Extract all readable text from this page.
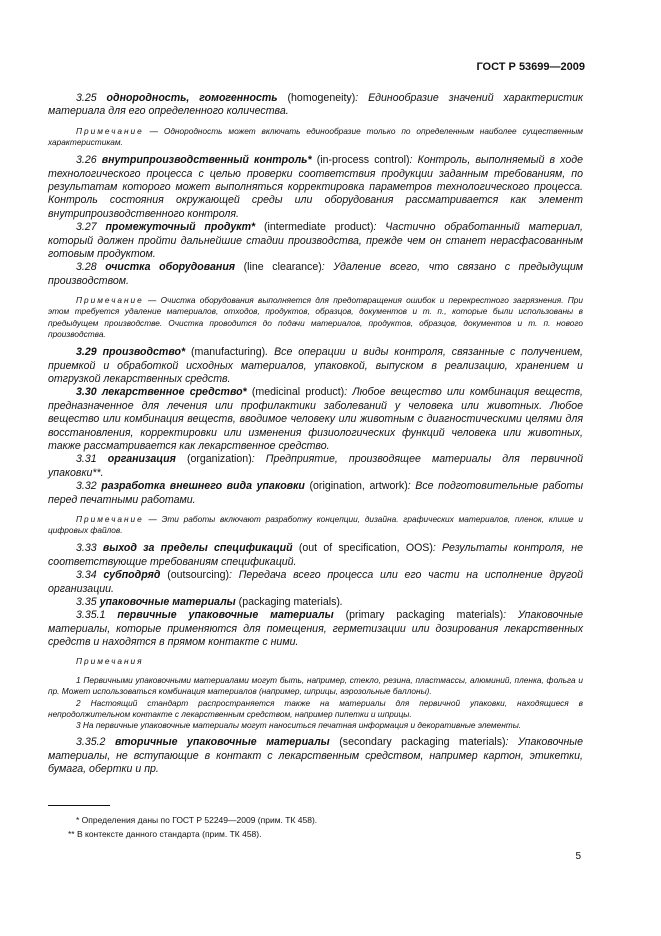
ГОСТ Р 53699—2009

3.25 однородность, гомогенность (homogeneity): Единообразие значений характеристик материала для его определенного количества.

Примечание — Однородность может включать единообразие только по определенным наиболее существенным характеристикам.

3.26 внутрипроизводственный контроль* (in-process control): Контроль, выполняемый в ходе технологического процесса с целью проверки соответствия продукции заданным требованиям, по результатам которого может выполняться корректировка параметров технологического процесса. Контроль состояния окружающей среды или оборудования рассматривается как элемент внутрипроизводственного контроля.

3.27 промежуточный продукт* (intermediate product): Частично обработанный материал, который должен пройти дальнейшие стадии производства, прежде чем он станет нерасфасованным готовым продуктом.

3.28 очистка оборудования (line clearance): Удаление всего, что связано с предыдущим производством.

Примечание — Очистка оборудования выполняется для предотвращения ошибок и перекрестного загрязнения. При этом требуется удаление материалов, отходов, продуктов, образцов, документов и т. п., которые были использованы в предыдущем производстве. Очистка проводится до подачи материалов, продуктов, образцов, документов и т. п. нового производства.

3.29 производство* (manufacturing). Все операции и виды контроля, связанные с получением, приемкой и обработкой исходных материалов, упаковкой, выпуском в реализацию, хранением и отгрузкой лекарственных средств.

3.30 лекарственное средство* (medicinal product): Любое вещество или комбинация веществ, предназначенное для лечения или профилактики заболеваний у человека или животных. Любое вещество или комбинация веществ, вводимое человеку или животным с диагностическими целями для восстановления, корректировки или изменения физиологических функций человека или животных, также рассматривается как лекарственное средство.

3.31 организация (organization): Предприятие, производящее материалы для первичной упаковки**.

3.32 разработка внешнего вида упаковки (origination, artwork): Все подготовительные работы перед печатными работами.

Примечание — Эти работы включают разработку концепции, дизайна. графических материалов, пленок, клише и цифровых файлов.

3.33 выход за пределы спецификаций (out of specification, OOS): Результаты контроля, не соответствующие требованиям спецификаций.

3.34 субподряд (outsourcing): Передача всего процесса или его части на исполнение другой организации.

3.35 упаковочные материалы (packaging materials).

3.35.1 первичные упаковочные материалы (primary packaging materials): Упаковочные материалы, которые применяются для помещения, герметизации или дозирования лекарственных средств и находятся в прямом контакте с ними.

Примечания

1 Первичными упаковочными материалами могут быть, например, стекло, резина, пластмассы, алюминий, пленка, фольга и пр. Может использоваться комбинация материалов (например, шприцы, аэрозольные баллоны).

2 Настоящий стандарт распространяется также на материалы для первичной упаковки, находящиеся в непродолжительном контакте с лекарственным средством, например пипетки и шприцы.

3 На первичные упаковочные материалы могут наноситься печатная информация и декоративные элементы.

3.35.2 вторичные упаковочные материалы (secondary packaging materials): Упаковочные материалы, не вступающие в контакт с лекарственным средством, например картон, этикетки, бумага, обертки и пр.

* Определения даны по ГОСТ Р 52249—2009 (прим. ТК 458).
** В контексте данного стандарта (прим. ТК 458).
5
